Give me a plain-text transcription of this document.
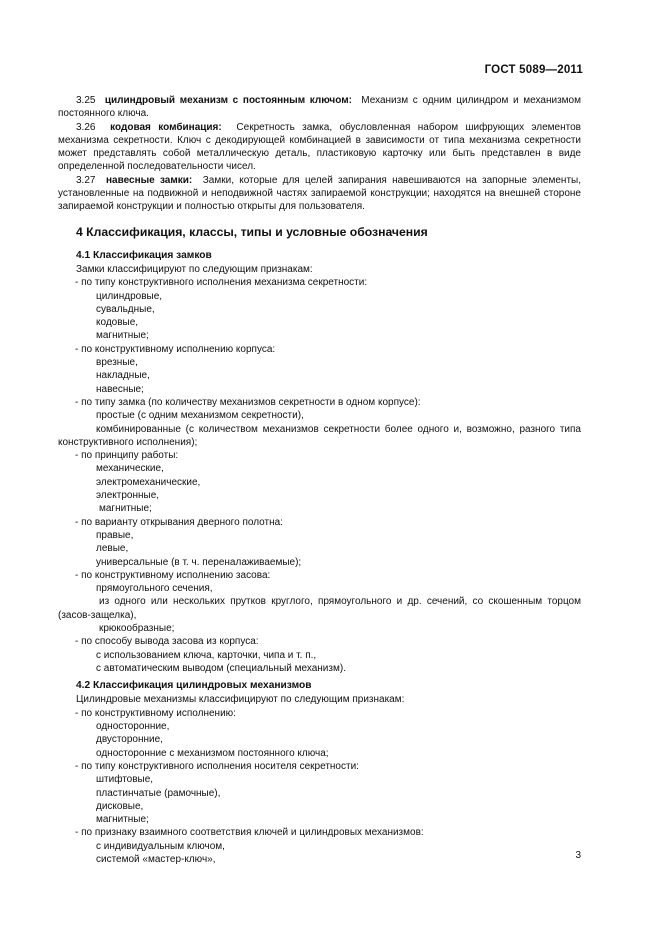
ГОСТ 5089—2011

3.25 цилиндровый механизм с постоянным ключом: Механизм с одним цилиндром и механизмом постоянного ключа.

3.26 кодовая комбинация: Секретность замка, обусловленная набором шифрующих элементов механизма секретности. Ключ с декодирующей комбинацией в зависимости от типа механизма секретности может представлять собой металлическую деталь, пластиковую карточку или быть представлен в виде определенной последовательности чисел.

3.27 навесные замки: Замки, которые для целей запирания навешиваются на запорные элементы, установленные на подвижной и неподвижной частях запираемой конструкции; находятся на внешней стороне запираемой конструкции и полностью открыты для пользователя.

4 Классификация, классы, типы и условные обозначения
4.1 Классификация замков

Замки классифицируют по следующим признакам:

- по типу конструктивного исполнения механизма секретности:
цилиндровые,
сувальдные,
кодовые,
магнитные;
- по конструктивному исполнению корпуса:
врезные,
накладные,
навесные;
- по типу замка (по количеству механизмов секретности в одном корпусе):
простые (с одним механизмом секретности),

комбинированные (с количеством механизмов секретности более одного и, возможно, разного типа конструктивного исполнения);

- по принципу работы:
механические,
электромеханические,
электронные,
магнитные;
- по варианту открывания дверного полотна:
правые,
левые,
универсальные (в т. ч. переналаживаемые);
- по конструктивному исполнению засова:
прямоугольного сечения,

из одного или нескольких прутков круглого, прямоугольного и др. сечений, со скошенным торцом (засов-защелка),

крюкообразные;
- по способу вывода засова из корпуса:
с использованием ключа, карточки, чипа и т. п.,
с автоматическим выводом (специальный механизм).
4.2 Классификация цилиндровых механизмов

Цилиндровые механизмы классифицируют по следующим признакам:

- по конструктивному исполнению:
односторонние,
двусторонние,
односторонние с механизмом постоянного ключа;
- по типу конструктивного исполнения носителя секретности:
штифтовые,
пластинчатые (рамочные),
дисковые,
магнитные;
- по признаку взаимного соответствия ключей и цилиндровых механизмов:
с индивидуальным ключом,
системой «мастер-ключ»,	3
